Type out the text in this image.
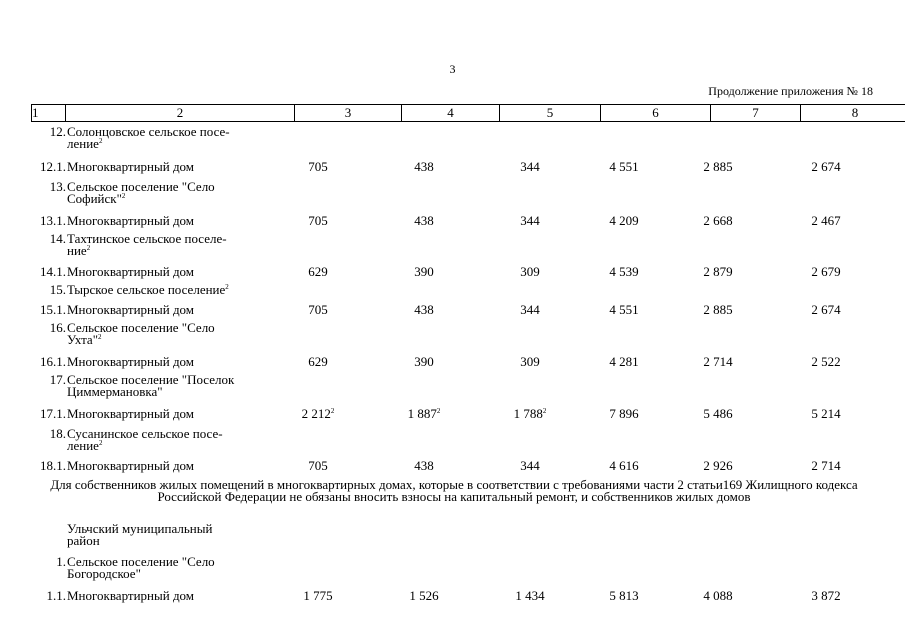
3
Продолжение приложения № 18
1	2	3	4	5	6	7	8
12. Солонцовское сельское посе-
ление$^2$
12.1. Многоквартирный дом	705	438	344	4 551	2 885	2 674
13. Сельское поселение "Село
Софийск"$^2$
13.1. Многоквартирный дом	705	438	344	4 209	2 668	2 467
14. Тахтинское сельское поселе-
ние$^2$
14.1. Многоквартирный дом	629	390	309	4 539	2 879	2 679
15. Тырское сельское поселение$^2$
15.1. Многоквартирный дом	705	438	344	4 551	2 885	2 674
16. Сельское поселение "Село
Ухта"$^2$
16.1. Многоквартирный дом	629	390	309	4 281	2 714	2 522
17. Сельское поселение "Поселок
Циммермановка"
17.1. Многоквартирный дом	2 $212^2$	1 $887^2$	1 $788^2$	7 896	5 486	5 214
18. Сусанинское сельское посе-
ление$^2$
18.1. Многоквартирный дом	705	438	344	4 616	2 926	2 714
Ульчский муниципальный
район
1. Сельское поселение "Село
Богородское"
1.1. Многоквартирный дом	1 775	1 526	1 434	5 813	4 088	3 872
Для собственников жилых помещений в многоквартирных домах, которые в соответствии с требованиями части 2 статьи169 Жилищного кодекса Российской Федерации не обязаны вносить взносы на капитальный ремонт, и собственников жилых домов
